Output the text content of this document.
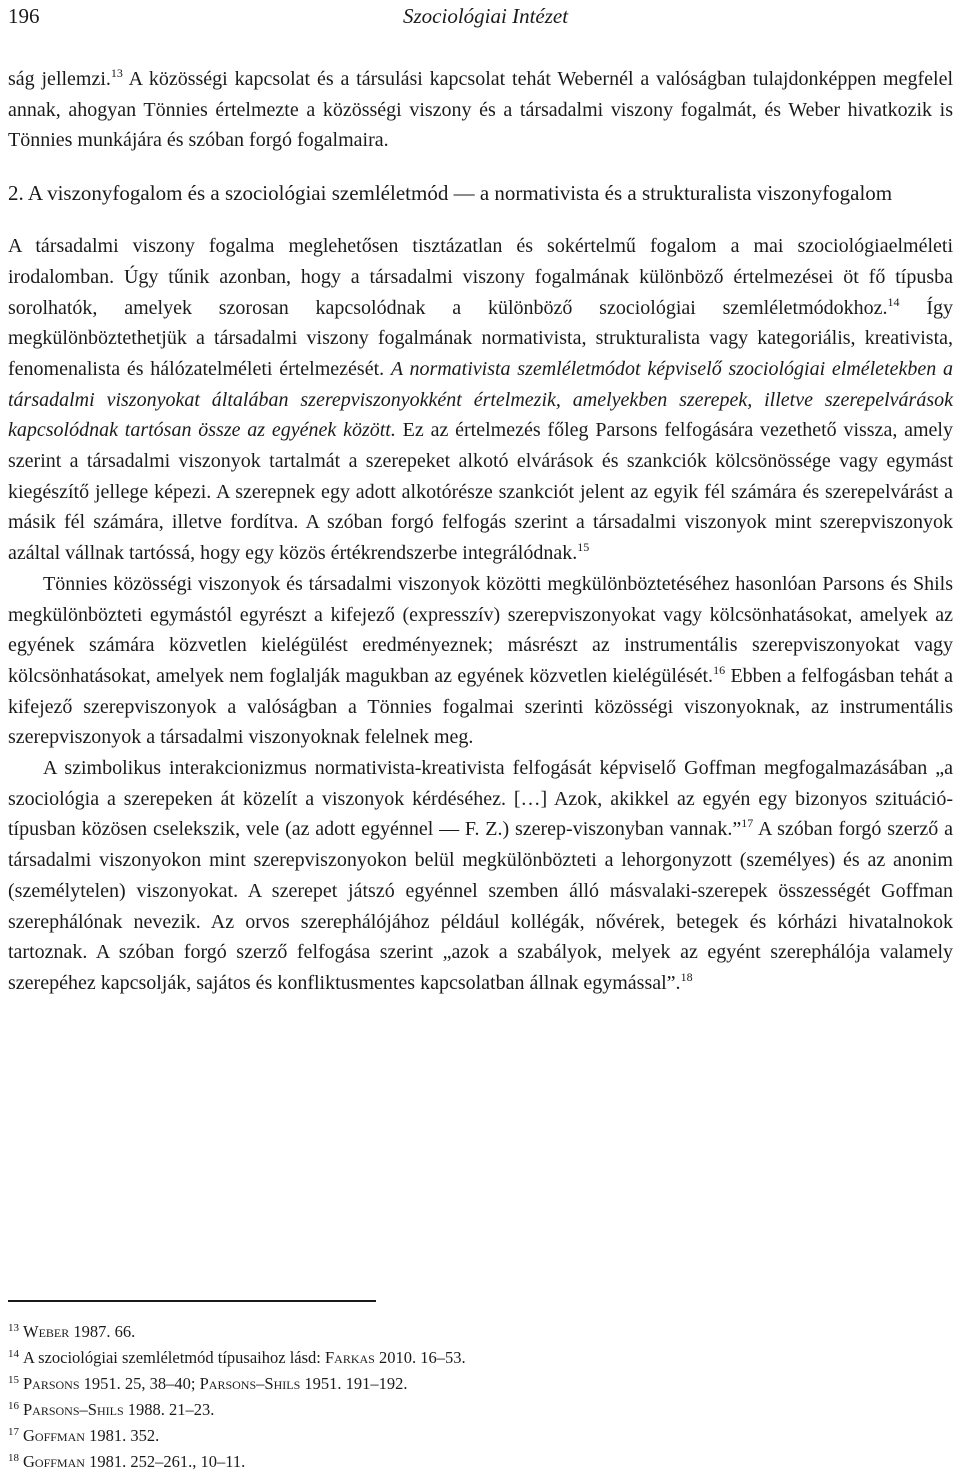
196	Szociológiai Intézet

ság jellemzi.$^{13}$ A közösségi kapcsolat és a társulási kapcsolat tehát Webernél a valóságban tulajdonképpen megfelel annak, ahogyan Tönnies értelmezte a közösségi viszony és a társadalmi viszony fogalmát, és Weber hivatkozik is Tönnies munkájára és szóban forgó fogalmaira.

2. A viszonyfogalom és a szociológiai szemléletmód — a normativista és a strukturalista viszonyfogalom

A társadalmi viszony fogalma meglehetősen tisztázatlan és sokértelmű fogalom a mai szociológiaelméleti irodalomban. Úgy tűnik azonban, hogy a társadalmi viszony fogalmának különböző értelmezései öt fő típusba sorolhatók, amelyek szorosan kapcsolódnak a különböző szociológiai szemléletmódokhoz.$^{14}$ Így megkülönböztethetjük a társadalmi viszony fogalmának normativista, strukturalista vagy kategoriális, kreativista, fenomenalista és hálózatelméleti értelmezését. A normativista szemléletmódot képviselő szociológiai elméletekben a társadalmi viszonyokat általában szerepviszonyokként értelmezik, amelyekben szerepek, illetve szerepelvárások kapcsolódnak tartósan össze az egyének között. Ez az értelmezés főleg Parsons felfogására vezethető vissza, amely szerint a társadalmi viszonyok tartalmát a szerepeket alkotó elvárások és szankciók kölcsönössége vagy egymást kiegészítő jellege képezi. A szerepnek egy adott alkotórésze szankciót jelent az egyik fél számára és szerepelvárást a másik fél számára, illetve fordítva. A szóban forgó felfogás szerint a társadalmi viszonyok mint szerepviszonyok azáltal vállnak tartóssá, hogy egy közös értékrendszerbe integrálódnak.$^{15}$

Tönnies közösségi viszonyok és társadalmi viszonyok közötti megkülönböztetéséhez hasonlóan Parsons és Shils megkülönbözteti egymástól egyrészt a kifejező (expresszív) szerepviszonyokat vagy kölcsönhatásokat, amelyek az egyének számára közvetlen kielégülést eredményeznek; másrészt az instrumentális szerepviszonyokat vagy kölcsönhatásokat, amelyek nem foglalják magukban az egyének közvetlen kielégülését.$^{16}$ Ebben a felfogásban tehát a kifejező szerepviszonyok a valóságban a Tönnies fogalmai szerinti közösségi viszonyoknak, az instrumentális szerepviszonyok a társadalmi viszonyoknak felelnek meg.

A szimbolikus interakcionizmus normativista-kreativista felfogását képviselő Goffman megfogalmazásában „a szociológia a szerepeken át közelít a viszonyok kérdéséhez. […] Azok, akikkel az egyén egy bizonyos szituáció-típusban közösen cselekszik, vele (az adott egyénnel — F. Z.) szerep-viszonyban vannak.”$^{17}$ A szóban forgó szerző a társadalmi viszonyokon mint szerepviszonyokon belül megkülönbözteti a lehorgonyzott (személyes) és az anonim (személytelen) viszonyokat. A szerepet játszó egyénnel szemben álló másvalaki-szerepek összességét Goffman szerephálónak nevezik. Az orvos szerephálójához például kollégák, nővérek, betegek és kórházi hivatalnokok tartoznak. A szóban forgó szerző felfogása szerint „azok a szabályok, melyek az egyént szerephálója valamely szerepéhez kapcsolják, sajátos és konfliktusmentes kapcsolatban állnak egymással”.$^{18}$

$^{13}$ Weber 1987. 66.
$^{14}$ A szociológiai szemléletmód típusaihoz lásd: Farkas 2010. 16–53.
$^{15}$ Parsons 1951. 25, 38–40; Parsons–Shils 1951. 191–192.
$^{16}$ Parsons–Shils 1988. 21–23.
$^{17}$ Goffman 1981. 352.
$^{18}$ Goffman 1981. 252–261., 10–11.
